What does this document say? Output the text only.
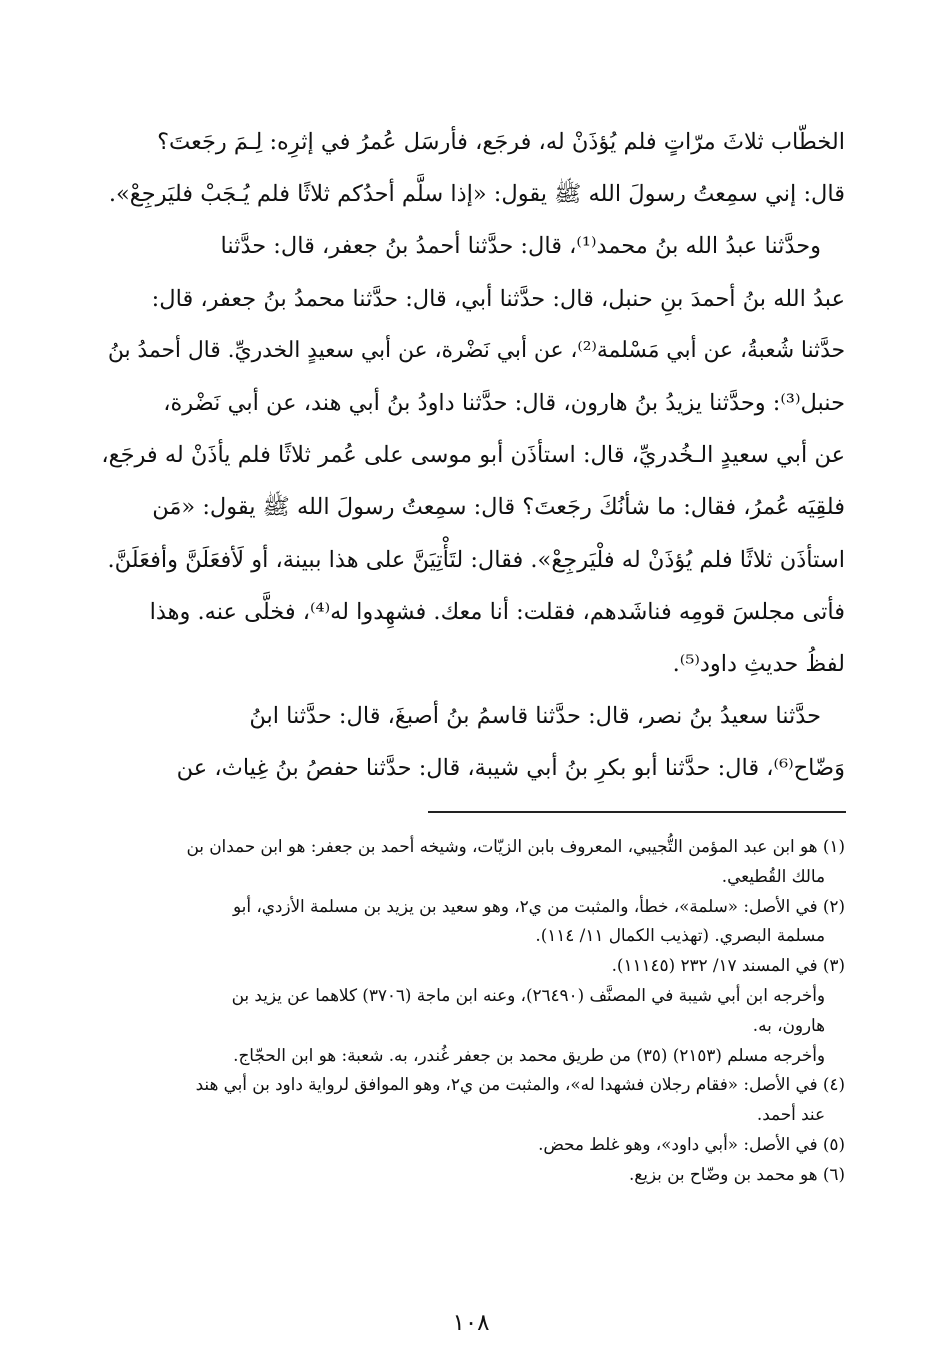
الخطّاب ثلاثَ مرّاتٍ فلم يُؤذَنْ له، فرجَع، فأرسَل عُمرُ في إثرِه: لِـمَ رجَعتَ؟

قال: إني سمِعتُ رسولَ الله ﷺ يقول: «إذا سلَّم أحدُكم ثلاثًا فلم يُـجَبْ فليَرجِعْ».

وحدَّثنا عبدُ الله بنُ محمد⁽¹⁾، قال: حدَّثنا أحمدُ بنُ جعفر، قال: حدَّثنا

عبدُ الله بنُ أحمدَ بنِ حنبل، قال: حدَّثنا أبي، قال: حدَّثنا محمدُ بنُ جعفر، قال:

حدَّثنا شُعبةُ، عن أبي مَسْلمة⁽²⁾، عن أبي نَضْرة، عن أبي سعيدٍ الخدريِّ. قال أحمدُ بنُ

حنبل⁽³⁾: وحدَّثنا يزيدُ بنُ هارون، قال: حدَّثنا داودُ بنُ أبي هند، عن أبي نَضْرة،

عن أبي سعيدٍ الـخُدريِّ، قال: استأذَن أبو موسى على عُمر ثلاثًا فلم يأذَنْ له فرجَع،

فلقِيَه عُمرُ، فقال: ما شأنُكَ رجَعتَ؟ قال: سمِعتُ رسولَ الله ﷺ يقول: «مَن

استأذَن ثلاثًا فلم يُؤذَنْ له فلْيَرجِعْ». فقال: لتَأْتِيَنَّ على هذا ببينة، أو لَأفعَلَنَّ وأفعَلَنَّ.

فأتى مجلسَ قومِه فناشَدهم، فقلت: أنا معك. فشهِدوا له⁽⁴⁾، فخلَّى عنه. وهذا

لفظُ حديثِ داود⁽⁵⁾.

حدَّثنا سعيدُ بنُ نصر، قال: حدَّثنا قاسمُ بنُ أصبغَ، قال: حدَّثنا ابنُ

وَضّاح⁽⁶⁾، قال: حدَّثنا أبو بكرِ بنُ أبي شيبة، قال: حدَّثنا حفصُ بنُ غِياث، عن

(١) هو ابن عبد المؤمن التُّجيبي، المعروف بابن الزيّات، وشيخه أحمد بن جعفر: هو ابن حمدان بن

مالك القُطيعي.

(٢) في الأصل: «سلمة»، خطأ، والمثبت من ي٢، وهو سعيد بن يزيد بن مسلمة الأزدي، أبو

مسلمة البصري. (تهذيب الكمال ١١/ ١١٤).

(٣) في المسند ١٧/ ٢٣٢ (١١١٤٥).

وأخرجه ابن أبي شيبة في المصنَّف (٢٦٤٩٠)، وعنه ابن ماجة (٣٧٠٦) كلاهما عن يزيد بن

هارون، به.

وأخرجه مسلم (٢١٥٣) (٣٥) من طريق محمد بن جعفر غُندر، به. شعبة: هو ابن الحجّاج.

(٤) في الأصل: «فقام رجلان فشهدا له»، والمثبت من ي٢، وهو الموافق لرواية داود بن أبي هند

عند أحمد.

(٥) في الأصل: «أبي داود»، وهو غلط محض.

(٦) هو محمد بن وضّاح بن بزيع.

١٠٨
